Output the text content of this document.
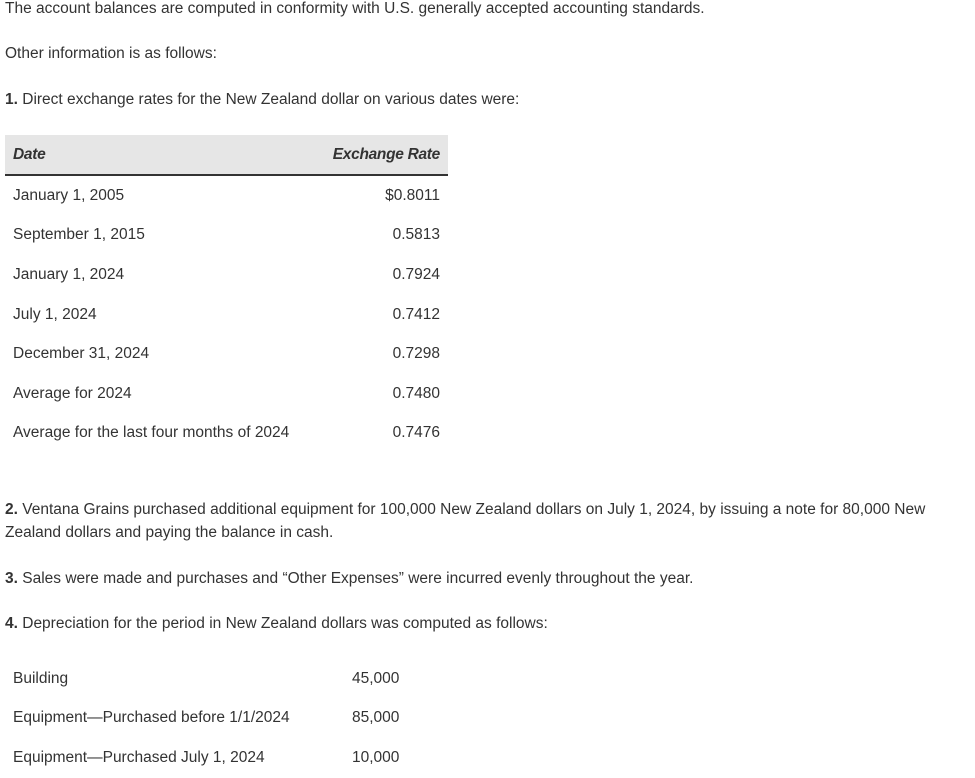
The account balances are computed in conformity with U.S. generally accepted accounting standards.

Other information is as follows:

1. Direct exchange rates for the New Zealand dollar on various dates were:

Date	Exchange Rate
January 1, 2005	$0.8011
September 1, 2015	0.5813
January 1, 2024	0.7924
July 1, 2024	0.7412
December 31, 2024	0.7298
Average for 2024	0.7480
Average for the last four months of 2024	0.7476

2. Ventana Grains purchased additional equipment for 100,000 New Zealand dollars on July 1, 2024, by issuing a note for 80,000 New Zealand dollars and paying the balance in cash.

3. Sales were made and purchases and “Other Expenses” were incurred evenly throughout the year.

4. Depreciation for the period in New Zealand dollars was computed as follows:

Building	45,000
Equipment—Purchased before 1/1/2024	85,000
Equipment—Purchased July 1, 2024	10,000
